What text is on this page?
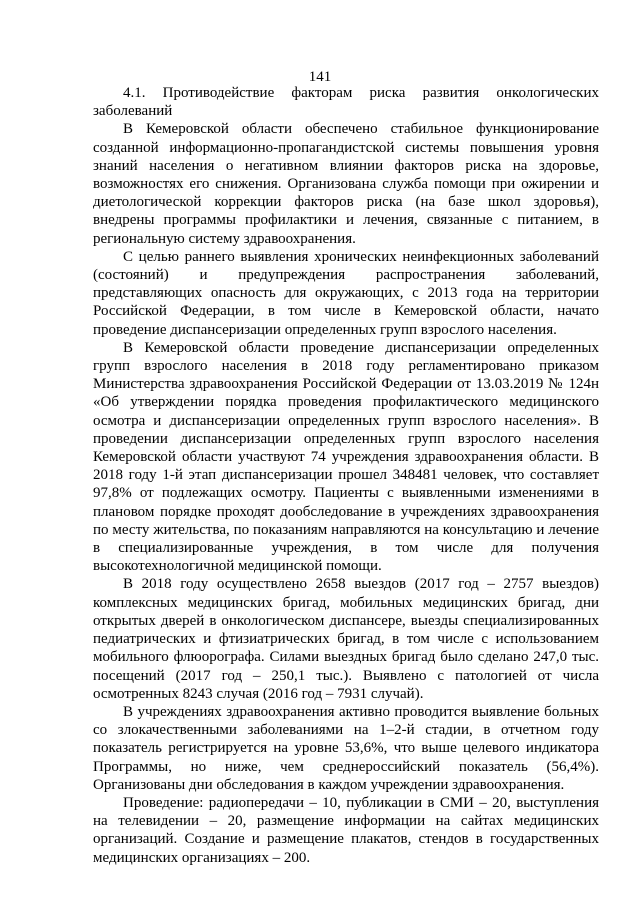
141
4.1. Противодействие факторам риска развития онкологических заболеваний

В Кемеровской области обеспечено стабильное функционирование созданной информационно-пропагандистской системы повышения уровня знаний населения о негативном влиянии факторов риска на здоровье, возможностях его снижения. Организована служба помощи при ожирении и диетологической коррекции факторов риска (на базе школ здоровья), внедрены программы профилактики и лечения, связанные с питанием, в региональную систему здравоохранения.

С целью раннего выявления хронических неинфекционных заболеваний (состояний) и предупреждения распространения заболеваний, представляющих опасность для окружающих, с 2013 года на территории Российской Федерации, в том числе в Кемеровской области, начато проведение диспансеризации определенных групп взрослого населения.

В Кемеровской области проведение диспансеризации определенных групп взрослого населения в 2018 году регламентировано приказом Министерства здравоохранения Российской Федерации от 13.03.2019 № 124н «Об утверждении порядка проведения профилактического медицинского осмотра и диспансеризации определенных групп взрослого населения». В проведении диспансеризации определенных групп взрослого населения Кемеровской области участвуют 74 учреждения здравоохранения области. В 2018 году 1-й этап диспансеризации прошел 348481 человек, что составляет 97,8% от подлежащих осмотру. Пациенты с выявленными изменениями в плановом порядке проходят дообследование в учреждениях здравоохранения по месту жительства, по показаниям направляются на консультацию и лечение в специализированные учреждения, в том числе для получения высокотехнологичной медицинской помощи.

В 2018 году осуществлено 2658 выездов (2017 год – 2757 выездов) комплексных медицинских бригад, мобильных медицинских бригад, дни открытых дверей в онкологическом диспансере, выезды специализированных педиатрических и фтизиатрических бригад, в том числе с использованием мобильного флюорографа. Силами выездных бригад было сделано 247,0 тыс. посещений (2017 год – 250,1 тыс.). Выявлено с патологией от числа осмотренных 8243 случая (2016 год – 7931 случай).

В учреждениях здравоохранения активно проводится выявление больных со злокачественными заболеваниями на 1–2-й стадии, в отчетном году показатель регистрируется на уровне 53,6%, что выше целевого индикатора Программы, но ниже, чем среднероссийский показатель (56,4%). Организованы дни обследования в каждом учреждении здравоохранения.

Проведение: радиопередачи – 10, публикации в СМИ – 20, выступления на телевидении – 20, размещение информации на сайтах медицинских организаций. Создание и размещение плакатов, стендов в государственных медицинских организациях – 200.
